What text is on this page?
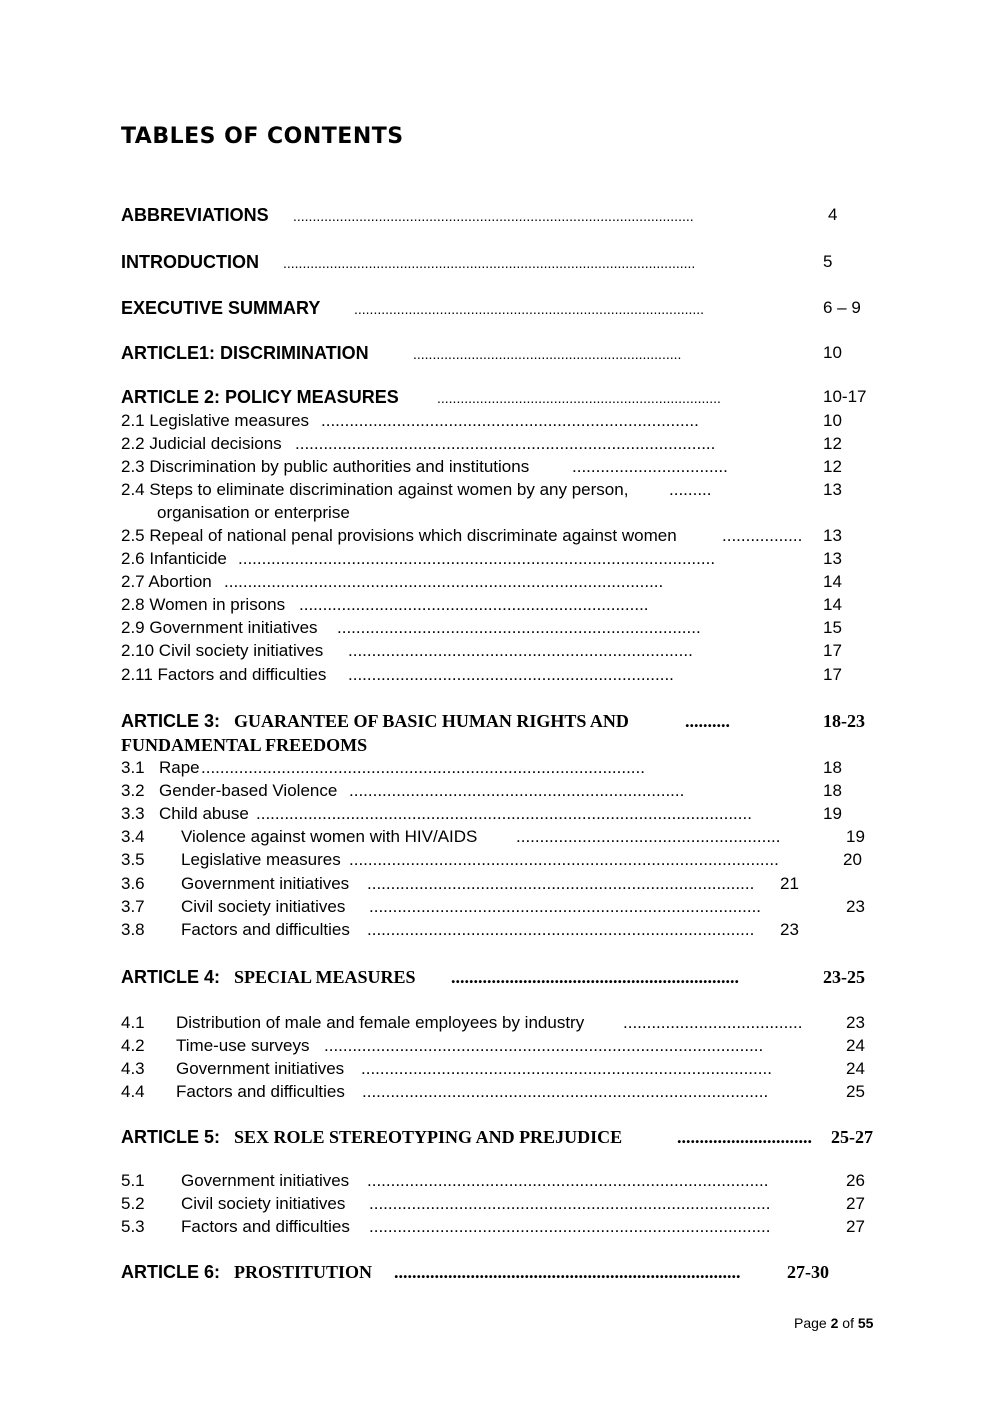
TABLES OF CONTENTS
ABBREVIATIONS .......................................................................................................	4
INTRODUCTION ..........................................................................................................	5
EXECUTIVE SUMMARY ..........................................................................................	6 – 9
ARTICLE1: DISCRIMINATION	.....................................................................	10
ARTICLE 2: POLICY MEASURES	.........................................................................	10-17
2.1 Legislative measures ................................................................................	10
2.2 Judicial decisions .........................................................................................	12
2.3 Discrimination by public authorities and institutions	.................................	12
2.4 Steps to eliminate discrimination against women by any person, .........	13
organisation or enterprise
2.5 Repeal of national penal provisions which discriminate against women	.................	13
2.6 Infanticide .....................................................................................................	13
2.7 Abortion .............................................................................................	14
2.8 Women in prisons ..........................................................................	14
2.9 Government initiatives .............................................................................	15
2.10 Civil society initiatives .........................................................................	17
2.11 Factors and difficulties .....................................................................	17
ARTICLE 3: GUARANTEE OF BASIC HUMAN RIGHTS AND	..........	18-23
FUNDAMENTAL FREEDOMS
3.1 Rape ..............................................................................................	18
3.2 Gender-based Violence .......................................................................	18
3.3 Child abuse .........................................................................................................	19
3.4 Violence against women with HIV/AIDS ........................................................	19
3.5 Legislative measures ...........................................................................................	20
3.6 Government initiatives ..................................................................................	21
3.7 Civil society initiatives ...................................................................................	23
3.8 Factors and difficulties ..................................................................................	23
ARTICLE 4: SPECIAL MEASURES ................................................................	23-25
4.1 Distribution of male and female employees by industry ......................................	23
4.2 Time-use surveys .............................................................................................	24
4.3 Government initiatives .......................................................................................	24
4.4 Factors and difficulties ......................................................................................	25
ARTICLE 5: SEX ROLE STEREOTYPING AND PREJUDICE	..............................	25-27
5.1 Government initiatives .....................................................................................	26
5.2 Civil society initiatives .....................................................................................	27
5.3 Factors and difficulties .....................................................................................	27
ARTICLE 6: PROSTITUTION .............................................................................	27-30
Page 2 of 55
